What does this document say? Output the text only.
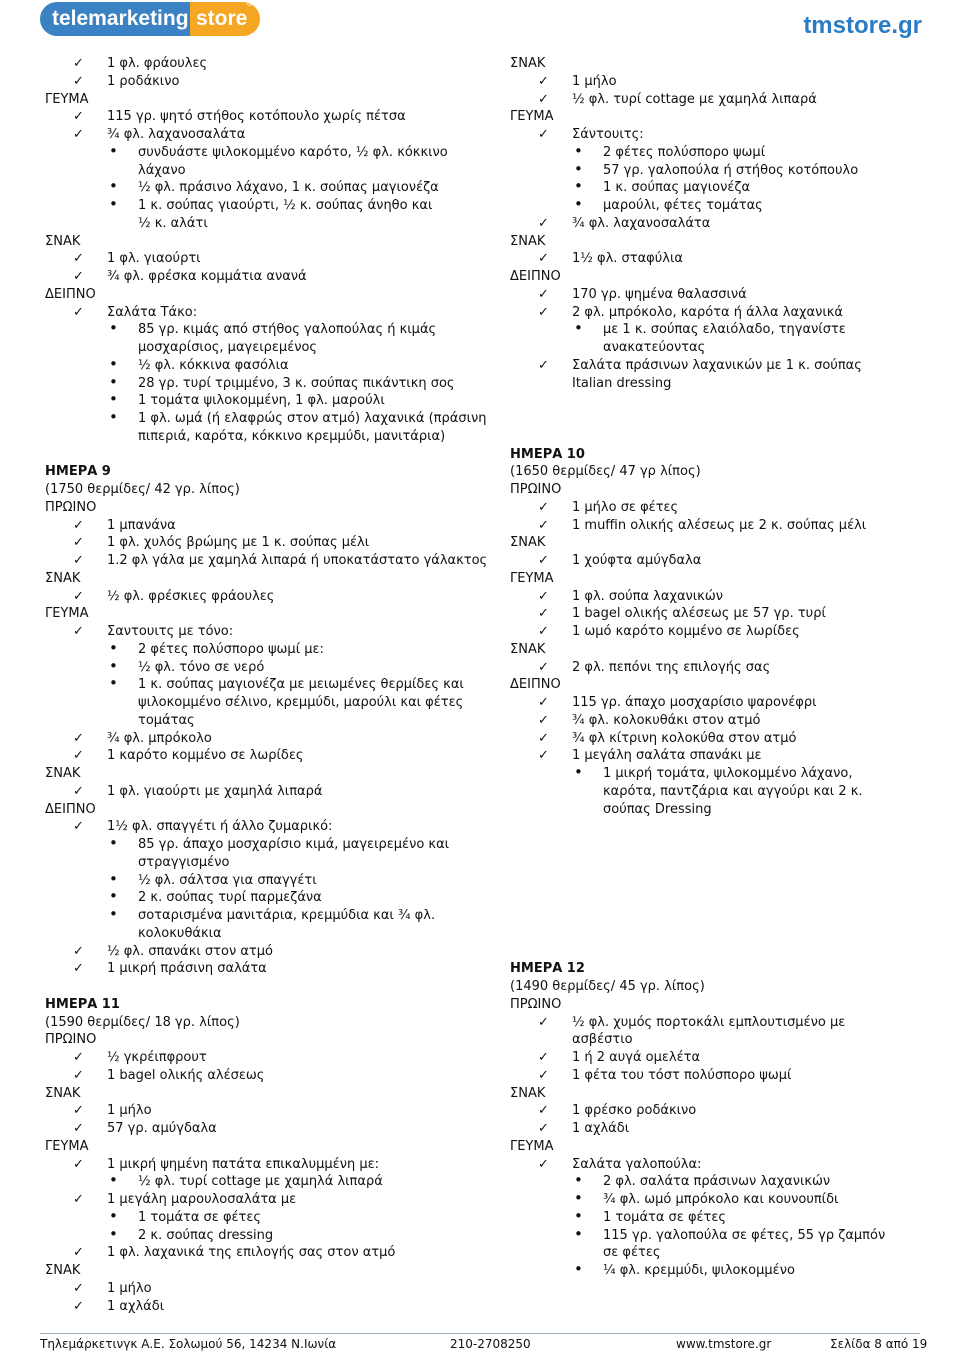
telemarketing store
®
tmstore.gr
✓ 1 φλ. φράουλες
✓ 1 ροδάκινο
ΓΕΥΜΑ
✓ 115 γρ. ψητό στήθος κοτόπουλο χωρίς πέτσα
✓ ¾ φλ. λαχανοσαλάτα
• συνδυάστε ψιλοκομμένο καρότο, ½ φλ. κόκκινο
λάχανο
• ½ φλ. πράσινο λάχανο, 1 κ. σούπας μαγιονέζα
• 1 κ. σούπας γιαούρτι, ½ κ. σούπας άνηθο και
½ κ. αλάτι
ΣΝΑΚ
✓ 1 φλ. γιαούρτι
✓ ¾ φλ. φρέσκα κομμάτια ανανά
ΔΕΙΠΝΟ
✓ Σαλάτα Τάκο:
• 85 γρ. κιμάς από στήθος γαλοπούλας ή κιμάς
μοσχαρίσιος, μαγειρεμένος
• ½ φλ. κόκκινα φασόλια
• 28 γρ. τυρί τριμμένο, 3 κ. σούπας πικάντικη σος
• 1 τομάτα ψιλοκομμένη, 1 φλ. μαρούλι
• 1 φλ. ωμά (ή ελαφρώς στον ατμό) λαχανικά (πράσινη
πιπεριά, καρότα, κόκκινο κρεμμύδι, μανιτάρια)
ΗΜΕΡΑ 9
(1750 θερμίδες/ 42 γρ. λίπος)
ΠΡΩΙΝΟ
✓ 1 μπανάνα
✓ 1 φλ. χυλός βρώμης με 1 κ. σούπας μέλι
✓ 1.2 φλ γάλα με χαμηλά λιπαρά ή υποκατάστατο γάλακτος
ΣΝΑΚ
✓ ½ φλ. φρέσκιες φράουλες
ΓΕΥΜΑ
✓ Σαντουιτς με τόνο:
• 2 φέτες πολύσπορο ψωμί με:
• ½ φλ. τόνο σε νερό
• 1 κ. σούπας μαγιονέζα με μειωμένες θερμίδες και
ψιλοκομμένο σέλινο, κρεμμύδι, μαρούλι και φέτες
τομάτας
✓ ¾ φλ. μπρόκολο
✓ 1 καρότο κομμένο σε λωρίδες
ΣΝΑΚ
✓ 1 φλ. γιαούρτι με χαμηλά λιπαρά
ΔΕΙΠΝΟ
✓ 1½ φλ. σπαγγέτι ή άλλο ζυμαρικό:
• 85 γρ. άπαχο μοσχαρίσιο κιμά, μαγειρεμένο και
στραγγισμένο
• ½ φλ. σάλτσα για σπαγγέτι
• 2 κ. σούπας τυρί παρμεζάνα
• σοταρισμένα μανιτάρια, κρεμμύδια και ¾ φλ.
κολοκυθάκια
✓ ½ φλ. σπανάκι στον ατμό
✓ 1 μικρή πράσινη σαλάτα
ΗΜΕΡΑ 11
(1590 θερμίδες/ 18 γρ. λίπος)
ΠΡΩΙΝΟ
✓ ½ γκρέιπφρουτ
✓ 1 bagel ολικής αλέσεως
ΣΝΑΚ
✓ 1 μήλο
✓ 57 γρ. αμύγδαλα
ΓΕΥΜΑ
✓ 1 μικρή ψημένη πατάτα επικαλυμμένη με:
• ½ φλ. τυρί cottage με χαμηλά λιπαρά
✓ 1 μεγάλη μαρουλοσαλάτα με
• 1 τομάτα σε φέτες
• 2 κ. σούπας dressing
✓ 1 φλ. λαχανικά της επιλογής σας στον ατμό
ΣΝΑΚ
✓ 1 μήλο
✓ 1 αχλάδι
ΣΝΑΚ
✓ 1 μήλο
✓ ½ φλ. τυρί cottage με χαμηλά λιπαρά
ΓΕΥΜΑ
✓ Σάντουιτς:
• 2 φέτες πολύσπορο ψωμί
• 57 γρ. γαλοπούλα ή στήθος κοτόπουλο
• 1 κ. σούπας μαγιονέζα
• μαρούλι, φέτες τομάτας
✓ ¾ φλ. λαχανοσαλάτα
ΣΝΑΚ
✓ 1½ φλ. σταφύλια
ΔΕΙΠΝΟ
✓ 170 γρ. ψημένα θαλασσινά
✓ 2 φλ. μπρόκολο, καρότα ή άλλα λαχανικά
• με 1 κ. σούπας ελαιόλαδο, τηγανίστε
ανακατεύοντας
✓ Σαλάτα πράσινων λαχανικών με 1 κ. σούπας
Italian dressing
ΗΜΕΡΑ 10
(1650 θερμίδες/ 47 γρ λίπος)
ΠΡΩΙΝΟ
✓ 1 μήλο σε φέτες
✓ 1 muffin ολικής αλέσεως με 2 κ. σούπας μέλι
ΣΝΑΚ
✓ 1 χούφτα αμύγδαλα
ΓΕΥΜΑ
✓ 1 φλ. σούπα λαχανικών
✓ 1 bagel ολικής αλέσεως με 57 γρ. τυρί
✓ 1 ωμό καρότο κομμένο σε λωρίδες
ΣΝΑΚ
✓ 2 φλ. πεπόνι της επιλογής σας
ΔΕΙΠΝΟ
✓ 115 γρ. άπαχο μοσχαρίσιο ψαρονέφρι
✓ ¾ φλ. κολοκυθάκι στον ατμό
✓ ¾ φλ κίτρινη κολοκύθα στον ατμό
✓ 1 μεγάλη σαλάτα σπανάκι με
• 1 μικρή τομάτα, ψιλοκομμένο λάχανο,
καρότα, παντζάρια και αγγούρι και 2 κ.
σούπας Dressing
ΗΜΕΡΑ 12
(1490 θερμίδες/ 45 γρ. λίπος)
ΠΡΩΙΝΟ
✓ ½ φλ. χυμός πορτοκάλι εμπλουτισμένο με
ασβέστιο
✓ 1 ή 2 αυγά ομελέτα
✓ 1 φέτα του τόστ πολύσπορο ψωμί
ΣΝΑΚ
✓ 1 φρέσκο ροδάκινο
✓ 1 αχλάδι
ΓΕΥΜΑ
✓ Σαλάτα γαλοπούλα:
• 2 φλ. σαλάτα πράσινων λαχανικών
• ¾ φλ. ωμό μπρόκολο και κουνουπίδι
• 1 τομάτα σε φέτες
• 115 γρ. γαλοπούλα σε φέτες, 55 γρ ζαμπόν
σε φέτες
• ¼ φλ. κρεμμύδι, ψιλοκομμένο
Τηλεμάρκετινγκ Α.Ε. Σολωμού 56, 14234 Ν.Ιωνία	210-2708250	www.tmstore.gr	Σελίδα 8 από 19
